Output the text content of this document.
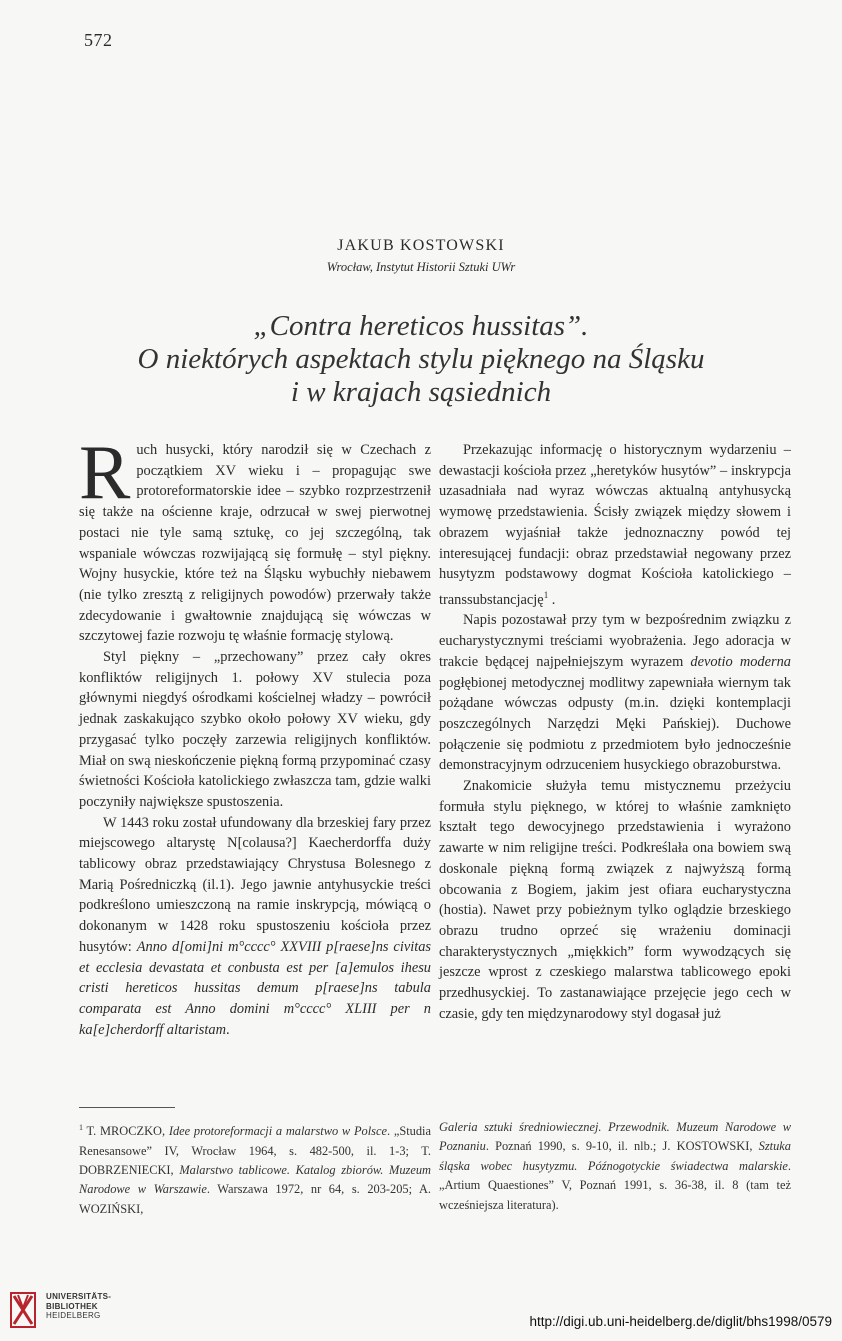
572
JAKUB KOSTOWSKI
Wrocław, Instytut Historii Sztuki UWr
„Contra hereticos hussitas”.
O niektórych aspektach stylu pięknego na Śląsku
i w krajach sąsiednich

Ruch husycki, który narodził się w Czechach z początkiem XV wieku i – propagując swe protoreformatorskie idee – szybko rozprzestrzenił się także na ościenne kraje, odrzucał w swej pierwotnej postaci nie tyle samą sztukę, co jej szczególną, tak wspaniale wówczas rozwijającą się formułę – styl piękny. Wojny husyckie, które też na Śląsku wybuchły niebawem (nie tylko zresztą z religijnych powodów) przerwały także zdecydowanie i gwałtownie znajdującą się wówczas w szczytowej fazie rozwoju tę właśnie formację stylową.

Styl piękny – „przechowany” przez cały okres konfliktów religijnych 1. połowy XV stulecia poza głównymi niegdyś ośrodkami kościelnej władzy – powrócił jednak zaskakująco szybko około połowy XV wieku, gdy przygasać tylko poczęły zarzewia religijnych konfliktów. Miał on swą nieskończenie piękną formą przypominać czasy świetności Kościoła katolickiego zwłaszcza tam, gdzie walki poczyniły największe spustoszenia.

W 1443 roku został ufundowany dla brzeskiej fary przez miejscowego altarystę N[colausa?] Kaecherdorffa duży tablicowy obraz przedstawiający Chrystusa Bolesnego z Marią Pośredniczką (il.1). Jego jawnie antyhusyckie treści podkreślono umieszczoną na ramie inskrypcją, mówiącą o dokonanym w 1428 roku spustoszeniu kościoła przez husytów: Anno d[omi]ni m°cccc° XXVIII p[raese]ns civitas et ecclesia devastata et conbusta est per [a]emulos ihesu cristi hereticos hussitas demum p[raese]ns tabula comparata est Anno domini m°cccc° XLIII per n ka[e]cherdorff altaristam.

Przekazując informację o historycznym wydarzeniu – dewastacji kościoła przez „heretyków husytów” – inskrypcja uzasadniała nad wyraz wówczas aktualną antyhusycką wymowę przedstawienia. Ścisły związek między słowem i obrazem wyjaśniał także jednoznaczny powód tej interesującej fundacji: obraz przedstawiał negowany przez husytyzm podstawowy dogmat Kościoła katolickiego – transsubstancjację$^1$ .

Napis pozostawał przy tym w bezpośrednim związku z eucharystycznymi treściami wyobrażenia. Jego adoracja w trakcie będącej najpełniejszym wyrazem devotio moderna pogłębionej metodycznej modlitwy zapewniała wiernym tak pożądane wówczas odpusty (m.in. dzięki kontemplacji poszczególnych Narzędzi Męki Pańskiej). Duchowe połączenie się podmiotu z przedmiotem było jednocześnie demonstracyjnym odrzuceniem husyckiego obrazoburstwa.

Znakomicie służyła temu mistycznemu przeżyciu formuła stylu pięknego, w której to właśnie zamknięto kształt tego dewocyjnego przedstawienia i wyrażono zawarte w nim religijne treści. Podkreślała ona bowiem swą doskonale piękną formą związek z najwyższą formą obcowania z Bogiem, jakim jest ofiara eucharystyczna (hostia). Nawet przy pobieżnym tylko oglądzie brzeskiego obrazu trudno oprzeć się wrażeniu dominacji charakterystycznych „miękkich” form wywodzących się jeszcze wprost z czeskiego malarstwa tablicowego epoki przedhusyckiej. To zastanawiające przejęcie jego cech w czasie, gdy ten międzynarodowy styl dogasał już

$^1$ T. MROCZKO, Idee protoreformacji a malarstwo w Polsce. „Studia Renesansowe” IV, Wrocław 1964, s. 482-500, il. 1-3; T. DOBRZENIECKI, Malarstwo tablicowe. Katalog zbiorów. Muzeum Narodowe w Warszawie. Warszawa 1972, nr 64, s. 203-205; A. WOZIŃSKI,
Galeria sztuki średniowiecznej. Przewodnik. Muzeum Narodowe w Poznaniu. Poznań 1990, s. 9-10, il. nlb.; J. KOSTOWSKI, Sztuka śląska wobec husytyzmu. Późnogotyckie świadectwa malarskie. „Artium Quaestiones” V, Poznań 1991, s. 36-38, il. 8 (tam też wcześniejsza literatura).
UNIVERSITÄTS-
BIBLIOTHEK
HEIDELBERG	http://digi.ub.uni-heidelberg.de/diglit/bhs1998/0579
